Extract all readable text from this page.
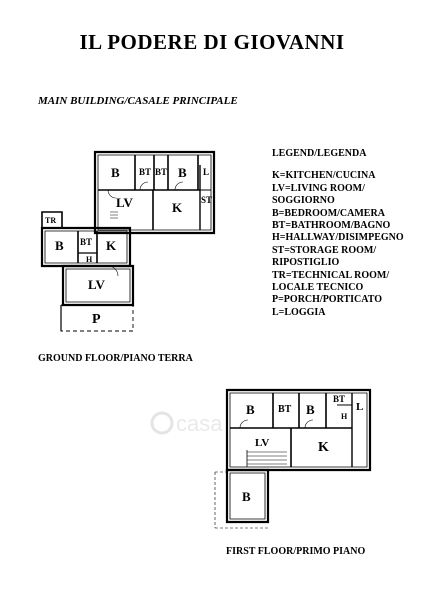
IL PODERE DI GIOVANNI
MAIN BUILDING/CASALE PRINCIPALE
LEGEND/LEGENDA
K=KITCHEN/CUCINA
LV=LIVING ROOM/
SOGGIORNO
B=BEDROOM/CAMERA
BT=BATHROOM/BAGNO
H=HALLWAY/DISIMPEGNO
ST=STORAGE ROOM/
RIPOSTIGLIO
TR=TECHNICAL ROOM/
LOCALE TECNICO
P=PORCH/PORTICATO
L=LOGGIA
B BT BT B L
LV	K ST
TR
B BT K
H
LV
P
B BT B
BT
H
L
LV	K
B
casa
GROUND FLOOR/PIANO TERRA
FIRST FLOOR/PRIMO PIANO
